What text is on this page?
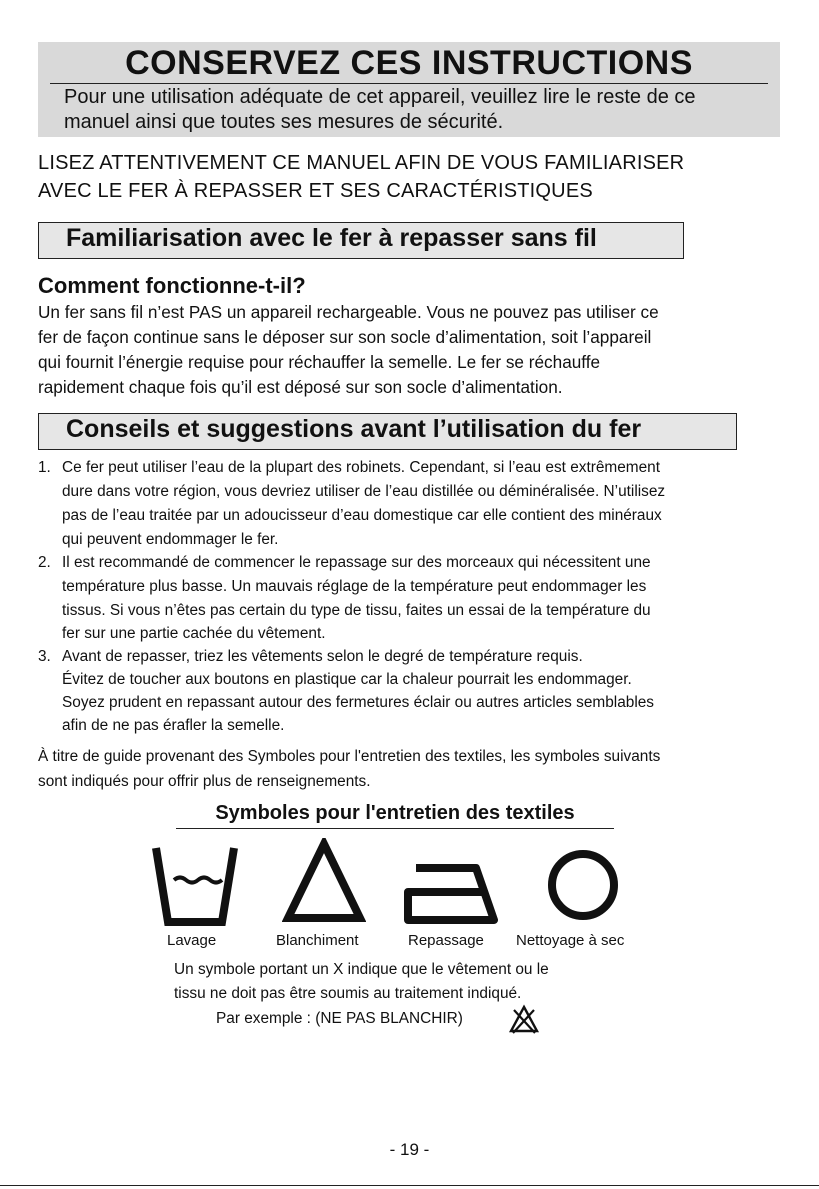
CONSERVEZ CES INSTRUCTIONS
Pour une utilisation adéquate de cet appareil, veuillez lire le reste de ce
manuel ainsi que toutes ses mesures de sécurité.
LISEZ ATTENTIVEMENT CE MANUEL AFIN DE VOUS FAMILIARISER
AVEC LE FER À REPASSER ET SES CARACTÉRISTIQUES
Familiarisation avec le fer à repasser sans fil
Comment fonctionne-t-il?
Un fer sans fil n’est PAS un appareil rechargeable. Vous ne pouvez pas utiliser ce
fer de façon continue sans le déposer sur son socle d’alimentation, soit l’appareil
qui fournit l’énergie requise pour réchauffer la semelle. Le fer se réchauffe
rapidement chaque fois qu’il est déposé sur son socle d’alimentation.
Conseils et suggestions avant l’utilisation du fer
1. Ce fer peut utiliser l’eau de la plupart des robinets. Cependant, si l’eau est extrêmement
dure dans votre région, vous devriez utiliser de l’eau distillée ou déminéralisée. N’utilisez
pas de l’eau traitée par un adoucisseur d’eau domestique car elle contient des minéraux
qui peuvent endommager le fer.
2. Il est recommandé de commencer le repassage sur des morceaux qui nécessitent une
température plus basse. Un mauvais réglage de la température peut endommager les
tissus. Si vous n’êtes pas certain du type de tissu, faites un essai de la température du
fer sur une partie cachée du vêtement.
3. Avant de repasser, triez les vêtements selon le degré de température requis.
Évitez de toucher aux boutons en plastique car la chaleur pourrait les endommager.
Soyez prudent en repassant autour des fermetures éclair ou autres articles semblables
afin de ne pas érafler la semelle.
À titre de guide provenant des Symboles pour l'entretien des textiles, les symboles suivants
sont indiqués pour offrir plus de renseignements.
Symboles pour l'entretien des textiles
Lavage	Blanchiment	Repassage Nettoyage à sec
Un symbole portant un X indique que le vêtement ou le
tissu ne doit pas être soumis au traitement indiqué.
Par exemple : (NE PAS BLANCHIR)
- 19 -
